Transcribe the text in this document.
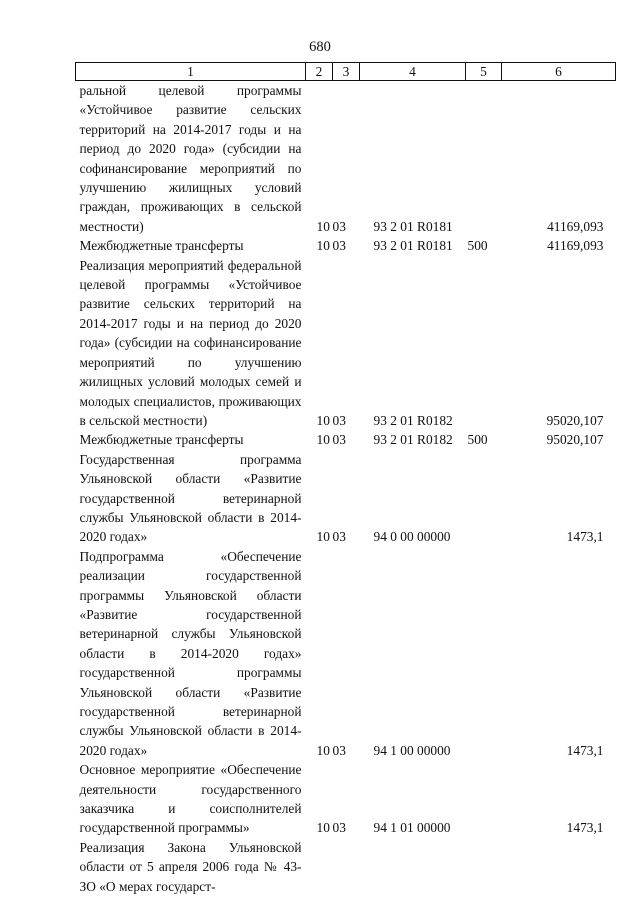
680
1	2	3	4	5	6
ральной целевой программы «Устойчивое развитие сельских территорий на 2014-2017 годы и на период до 2020 года» (субсидии на софинансирование мероприятий по улучшению жилищных условий граждан, проживающих в сельской местности)	10	03	93 2 01 R0181		41169,093
Межбюджетные трансферты	10	03	93 2 01 R0181	500	41169,093
Реализация мероприятий федеральной целевой программы «Устойчивое развитие сельских территорий на 2014-2017 годы и на период до 2020 года» (субсидии на софинансирование мероприятий по улучшению жилищных условий молодых семей и молодых специалистов, проживающих в сельской местности)	10	03	93 2 01 R0182		95020,107
Межбюджетные трансферты	10	03	93 2 01 R0182	500	95020,107
Государственная программа Ульяновской области «Развитие государственной ветеринарной службы Ульяновской области в 2014-2020 годах»	10	03	94 0 00 00000		1473,1
Подпрограмма «Обеспечение реализации государственной программы Ульяновской области «Развитие государственной ветеринарной службы Ульяновской области в 2014-2020 годах» государственной программы Ульяновской области «Развитие государственной ветеринарной службы Ульяновской области в 2014-2020 годах»	10	03	94 1 00 00000		1473,1
Основное мероприятие «Обеспечение деятельности государственного заказчика и соисполнителей государственной программы»	10	03	94 1 01 00000		1473,1
Реализация Закона Ульяновской области от 5 апреля 2006 года № 43-ЗО «О мерах государст-					
